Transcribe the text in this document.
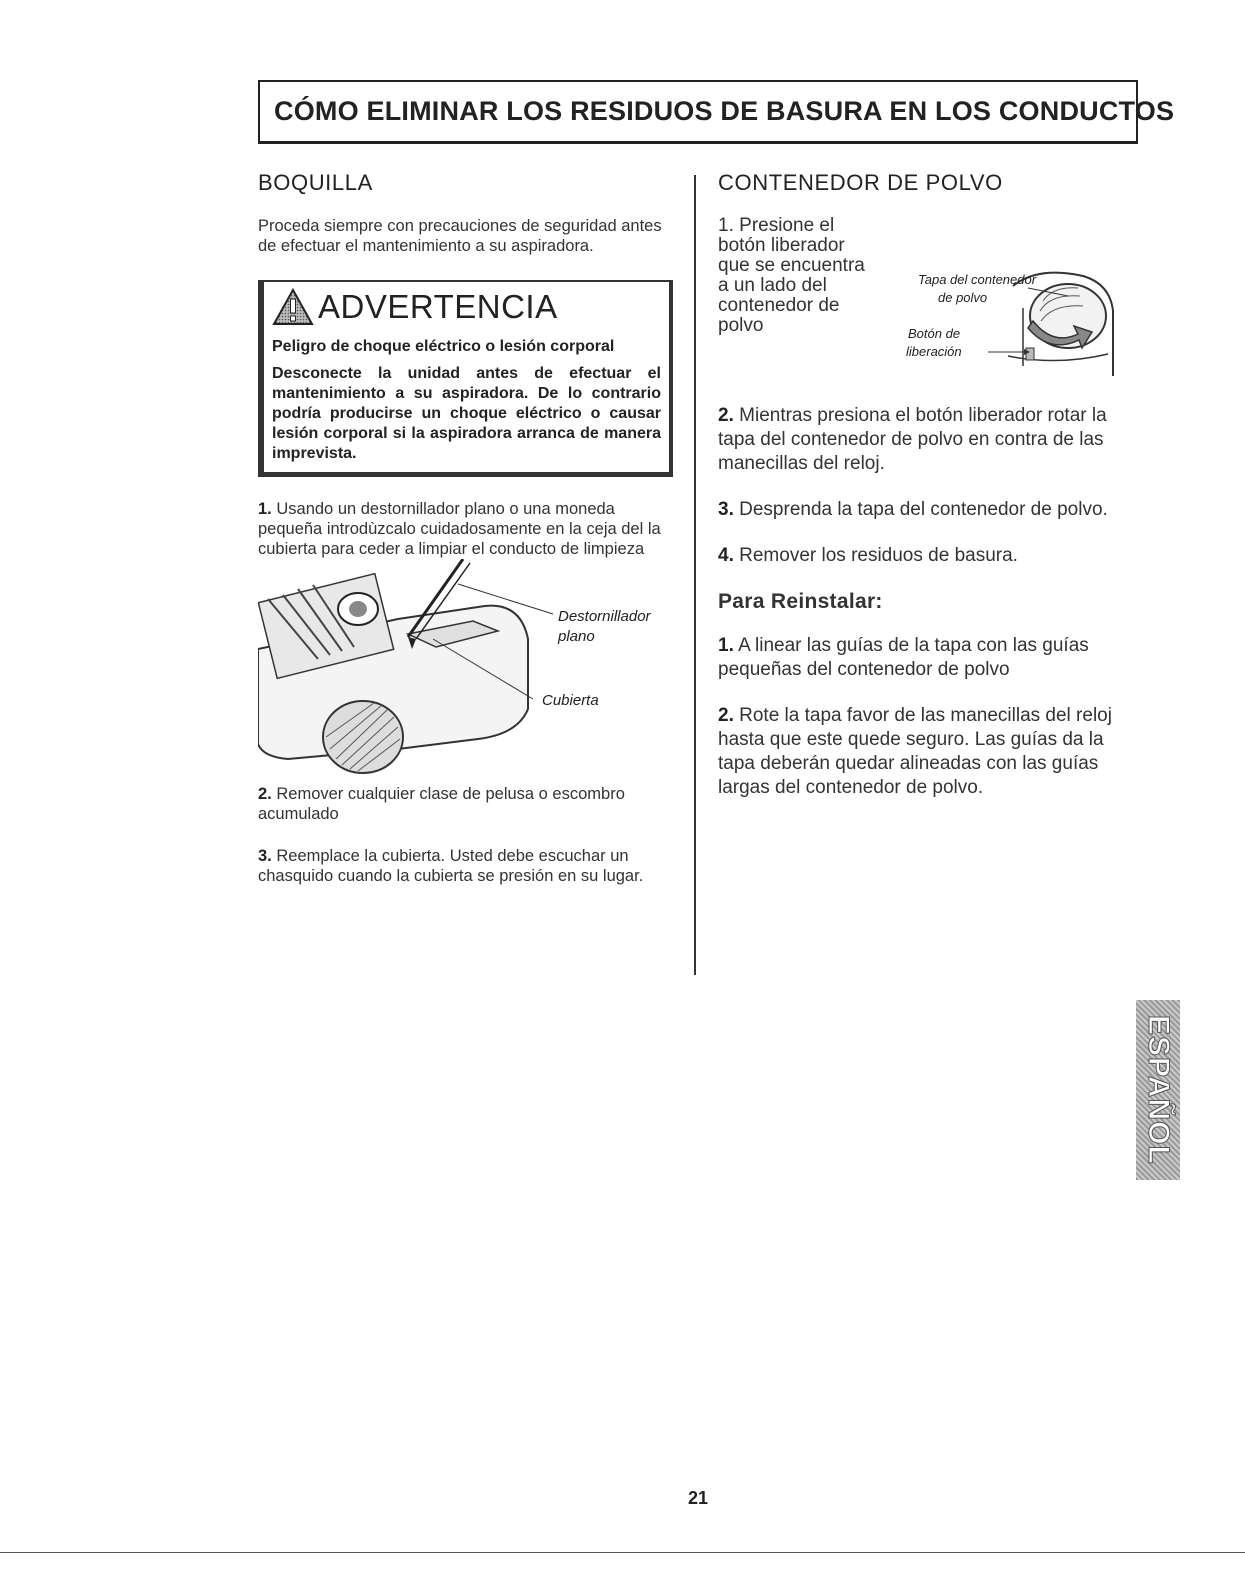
CÓMO ELIMINAR LOS RESIDUOS DE BASURA EN LOS CONDUCTOS
BOQUILLA

Proceda siempre con precauciones de seguridad antes de efectuar el mantenimiento a su aspiradora.

ADVERTENCIA

Peligro de choque eléctrico o lesión corporal

Desconecte la unidad antes de efectuar el mantenimiento a su aspiradora. De lo contrario podría producirse un choque eléctrico o causar lesión corporal si la aspiradora arranca de manera imprevista.

1. Usando un destornillador plano o una moneda pequeña introdùzcalo cuidadosamente en la ceja del la cubierta para ceder a limpiar el conducto de limpieza

Destornillador
plano
Cubierta

2. Remover cualquier clase de pelusa o escombro acumulado

3. Reemplace la cubierta. Usted debe escuchar un chasquido cuando la cubierta se presión en su lugar.

CONTENEDOR DE POLVO

1. Presione el botón liberador que se encuentra a un lado del contenedor de polvo

Tapa del contenedor
de polvo
Botón de
liberación

2. Mientras presiona el botón liberador rotar la tapa del contenedor de polvo en contra de las manecillas del reloj.

3. Desprenda la tapa del contenedor de polvo.

4. Remover los residuos de basura.

Para Reinstalar:

1. A linear las guías de la tapa con las guías pequeñas del contenedor de polvo

2. Rote la tapa favor de las manecillas del reloj hasta que este quede seguro. Las guías da la tapa deberán quedar alineadas con las guías largas del contenedor de polvo.

ESPAÑOL
21
